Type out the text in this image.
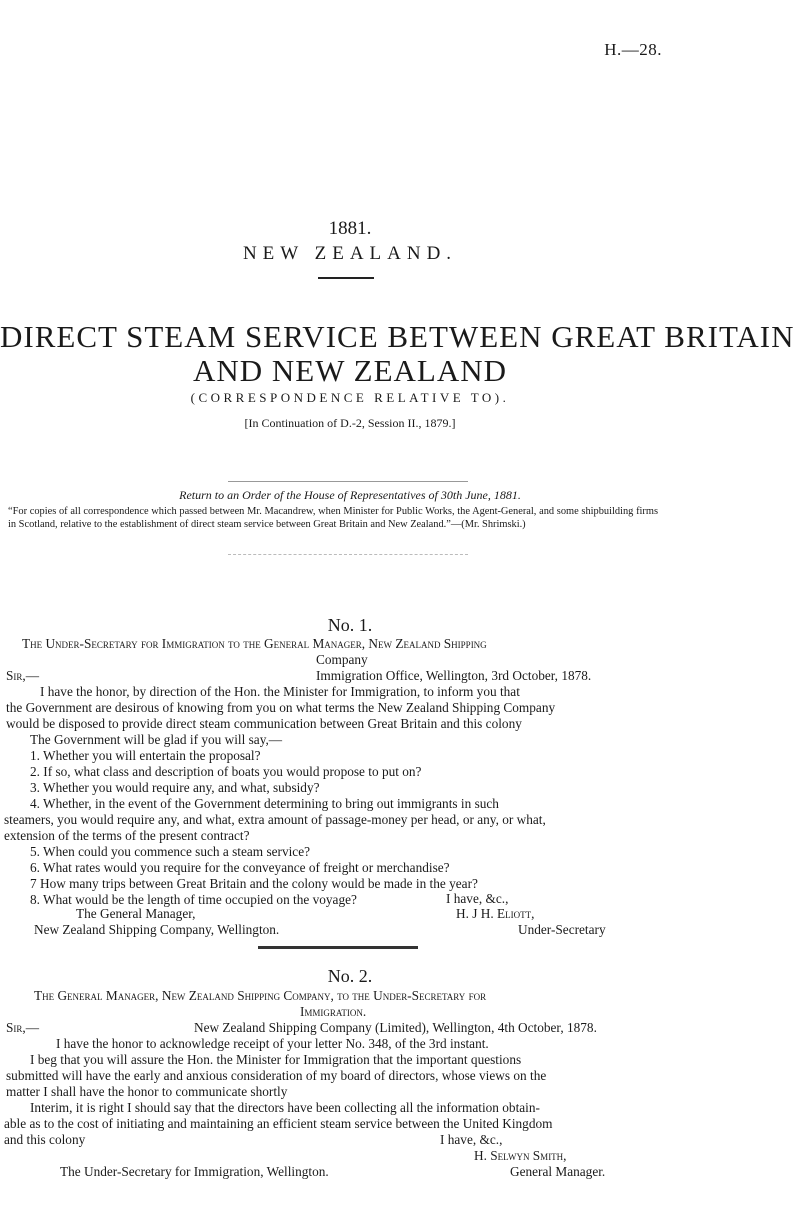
H.—28.
1881.
NEW ZEALAND.
DIRECT STEAM SERVICE BETWEEN GREAT BRITAIN
AND NEW ZEALAND
(CORRESPONDENCE RELATIVE TO).
[In Continuation of D.-2, Session II., 1879.]
Return to an Order of the House of Representatives of 30th June, 1881.
“For copies of all correspondence which passed between Mr. Macandrew, when Minister for Public Works, the Agent-General, and some shipbuilding firms in Scotland, relative to the establishment of direct steam service between Great Britain and New Zealand.”—(Mr. Shrimski.)
No. 1.
The Under-Secretary for Immigration to the General Manager, New Zealand Shipping
Company
Sir,—	Immigration Office, Wellington, 3rd October, 1878.
I have the honor, by direction of the Hon. the Minister for Immigration, to inform you that
the Government are desirous of knowing from you on what terms the New Zealand Shipping Company
would be disposed to provide direct steam communication between Great Britain and this colony
The Government will be glad if you will say,—
1. Whether you will entertain the proposal?
2. If so, what class and description of boats you would propose to put on?
3. Whether you would require any, and what, subsidy?
4. Whether, in the event of the Government determining to bring out immigrants in such
steamers, you would require any, and what, extra amount of passage-money per head, or any, or what,
extension of the terms of the present contract?
5. When could you commence such a steam service?
6. What rates would you require for the conveyance of freight or merchandise?
7 How many trips between Great Britain and the colony would be made in the year?
8. What would be the length of time occupied on the voyage?	I have, &c.,
The General Manager,	H. J H. Eliott,
New Zealand Shipping Company, Wellington.	Under-Secretary
No. 2.
The General Manager, New Zealand Shipping Company, to the Under-Secretary for
Immigration.
Sir,—	New Zealand Shipping Company (Limited), Wellington, 4th October, 1878.
I have the honor to acknowledge receipt of your letter No. 348, of the 3rd instant.
I beg that you will assure the Hon. the Minister for Immigration that the important questions
submitted will have the early and anxious consideration of my board of directors, whose views on the
matter I shall have the honor to communicate shortly
Interim, it is right I should say that the directors have been collecting all the information obtain-
able as to the cost of initiating and maintaining an efficient steam service between the United Kingdom
and this colony	I have, &c.,
H. Selwyn Smith,
The Under-Secretary for Immigration, Wellington.	General Manager.
